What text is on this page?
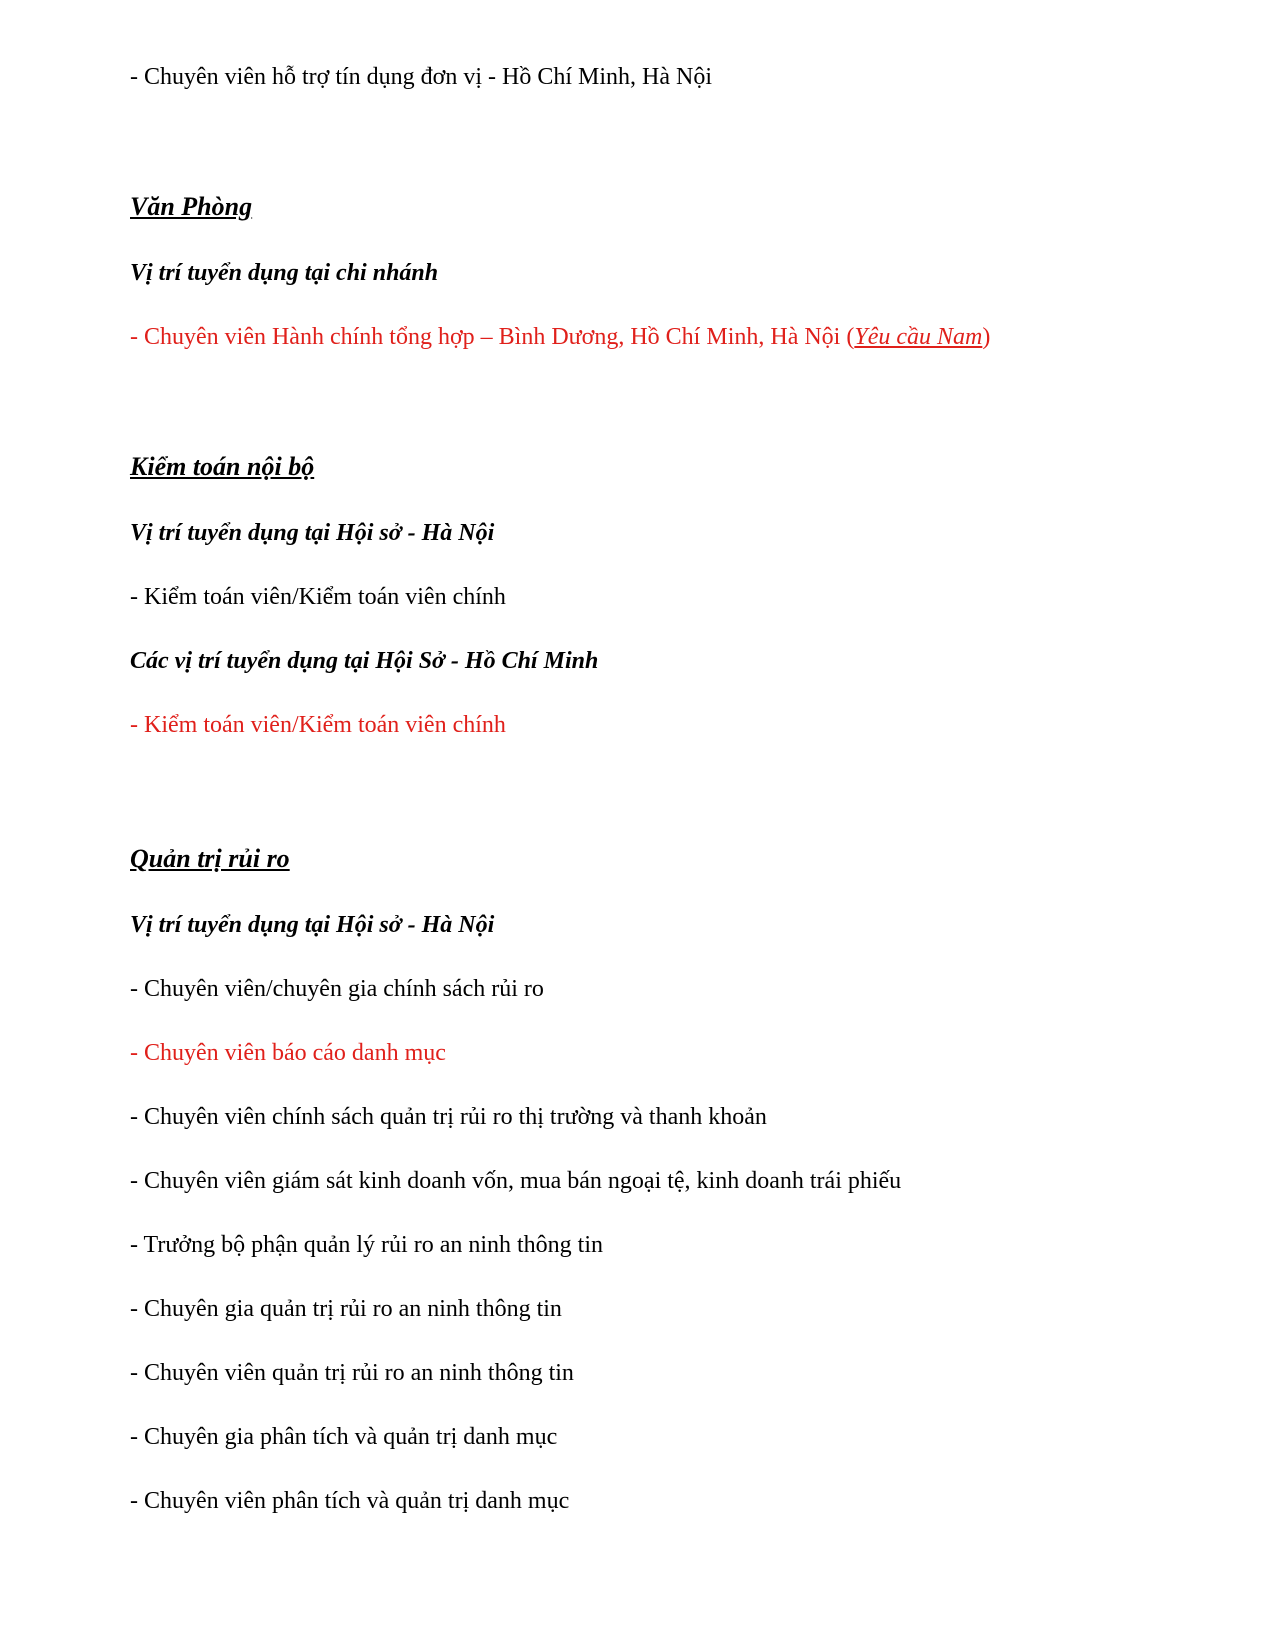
- Chuyên viên hỗ trợ tín dụng đơn vị - Hồ Chí Minh, Hà Nội
Văn Phòng
Vị trí tuyển dụng tại chi nhánh
- Chuyên viên Hành chính tổng hợp – Bình Dương, Hồ Chí Minh, Hà Nội (Yêu cầu Nam)
Kiểm toán nội bộ
Vị trí tuyển dụng tại Hội sở - Hà Nội
- Kiểm toán viên/Kiểm toán viên chính
Các vị trí tuyển dụng tại Hội Sở - Hồ Chí Minh
- Kiểm toán viên/Kiểm toán viên chính
Quản trị rủi ro
Vị trí tuyển dụng tại Hội sở - Hà Nội
- Chuyên viên/chuyên gia chính sách rủi ro
- Chuyên viên báo cáo danh mục
- Chuyên viên chính sách quản trị rủi ro thị trường và thanh khoản
- Chuyên viên giám sát kinh doanh vốn, mua bán ngoại tệ, kinh doanh trái phiếu
- Trưởng bộ phận quản lý rủi ro an ninh thông tin
- Chuyên gia quản trị rủi ro an ninh thông tin
- Chuyên viên quản trị rủi ro an ninh thông tin
- Chuyên gia phân tích và quản trị danh mục
- Chuyên viên phân tích và quản trị danh mục
